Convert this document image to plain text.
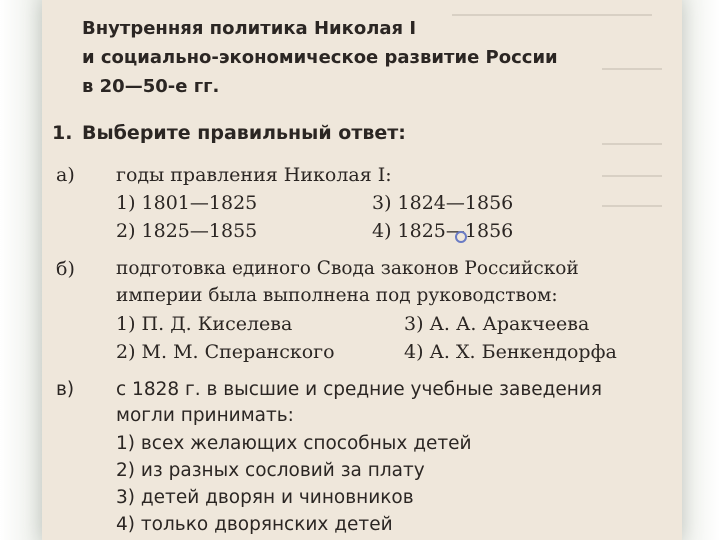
Внутренняя политика Николая I
и социально-экономическое развитие России
в 20—50-е гг.
1. Выберите правильный ответ:
а) годы правления Николая I:
1) 1801—1825	3) 1824—1856
2) 1825—1855	4) 1825—1856
б) подготовка единого Свода законов Российской
империи была выполнена под руководством:
1) П. Д. Киселева	3) А. А. Аракчеева
2) М. М. Сперанского	4) А. Х. Бенкендорфа
в) с 1828 г. в высшие и средние учебные заведения
могли принимать:
1) всех желающих способных детей
2) из разных сословий за плату
3) детей дворян и чиновников
4) только дворянских детей
